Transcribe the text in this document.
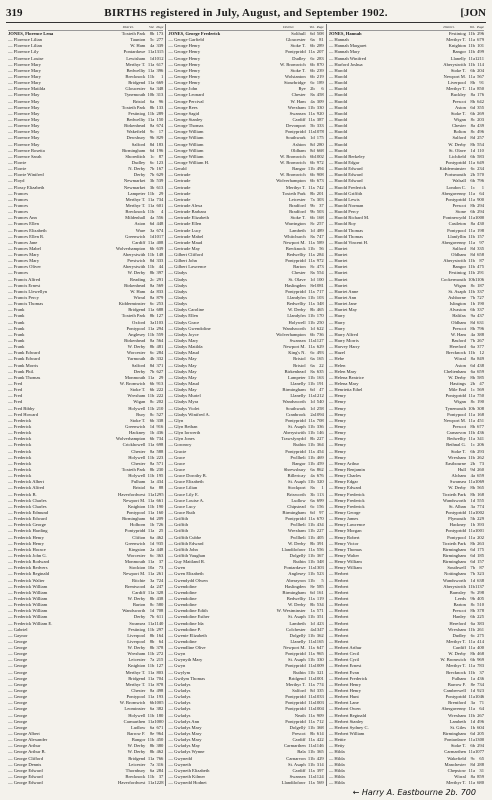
319	BIRTHS registered in July, August, and September 1902.	[JON
District.	Vol. Page
JONES, Florence Lena	Toxteth Park 8b 173
— Florence Lilian	Taunton	5c 277
— Florence Lilian	W. Ham	4a 339
— Florence Lily	Pontardawe 11a 1315
— Florence Louise	Lewisham 1d 1012
— Florence Mary	Merthyr T. 11a 617
— Florence Mary	Bedwellty 11a 396
— Florence Mary	Brecknock 11b	1
— Florence Mary	Bridgend 11a 669
— Florence Matilda	Gloucester	6a 348
— Florence May	Tynemouth 10b 313
— Florence May	Bristol	6a 96
— Florence May	Toxteth Park 8b 133
— Florence May	Festiniog 11b 289
— Florence May	Bedwellty 11a 150
— Florence May	Birkenhead	8a 674
— Florence May	Wakefield	9c 17
— Florence May	Dewsbury 9b 829
— Florence May	Salford 8d 183
— Florence Rosetta	Birmingham 6d 196
— Florence Sarah	Shoreditch	1c 87
— Florrie	Dudley	6c 123
— Florrie	N. Derby 7b 167
— Florrie Winifred	Derby 7b 629
— Floyd	Newmarket 3b 539
— Flossy Elizabeth	Newmarket 3b 613
— Frances	Lampeter 11b 29
— Frances	Merthyr T. 11a 734
— Frances	Merthyr T. 11a 601
— Frances	Brecknock 11b	4
— Frances Ann	Mildenhall	4a 556
— Frances Ellen	Aston 6d 448
— Frances Elizabeth	Ware	3a 674
— Frances Ellen R.	Greenwich 1d 1017
— Frances Jane	Cardiff 11a 408
— Frances Mabel	Wolverhampton 6b 639
— Frances Mary	Aberystwith 11b 148
— Frances Mary	Prestwich 8d 333
— Frances Oliver	Aberystwith 11b 44
— Frances	W. Derby 8b 397
— Francis Alfred	Reading	2c 291
— Francis Ernest	Birkenhead	8a 569
— Francis Llewellyn	W. Ham	4a 833
— Francis Percy	Wirral	8a 879
— Francis Thomas	Kidderminster	6c 253
— Frank	Bridgend 11a 688
— Frank	Toxteth Park 8b 127
— Frank	Oxford	3a 1103
— Frank	Pontypool 11a 294
— Frank	Anglesey 11b 559
— Frank	Birkenhead	8a 564
— Frank	W. Derby 8b 481
— Frank Edward	Worcester	6c 284
— Frank Edward	Yarmouth 4b 332
— Frank Morris	Salford 8d 371
— Frank Phil.	Derby 7b 627
— Frank Thomas	Monmouth 11a 29
— Fred	W. Bromwich 6b 913
— Fred	Stoke T. 6b 222
— Fred	Wrexham 11b 222
— Fred	Wigan	8c 202
— Fred Bibby	Holywell 11b 210
— Fred Howard	Bury	8c 527
— Frederick	Stoke T. 6b 338
— Frederick	Greenwich 1d 916
— Frederick	Hackney 1b 436
— Frederick	Wolverhampton 6b 734
— Frederick	Crickhowell 11a 698
— Frederick	Chester	8a 588
— Frederick	Holywell 11b 223
— Frederick	Chester	8a 571
— Frederick	Toxteth Park 8b 230
— Frederick	Holywell 11b 195
— Frederick Albert	Fulham	1a 434
— Frederick Alfred	Bristol	6a 88
— Frederick B.	Haverfordwest 11a 1295
— Frederick Charles	Newport M. 11a 661
— Frederick Charles	Knighton 11b 190
— Frederick Edmund	Pontypool 11a 160
— Frederick Edward	Birmingham 6d 209
— Frederick George	Holborn 1b 726
— Frederick Harding	Pontypridd 11a 25
— Frederick Henry	Clifton	6a 462
— Frederick Henry	Greenwich 1d 935
— Frederick Horace	Kingston	2a 448
— Frederick John G.	Worcester	6c 363
— Frederick Rodward	Monmouth 11a 37
— Frederick Redvers	Stockton 10a 73
— Frederick Reginald	Newport M. 11a 261
— Frederick Walter	Ritchie	3a 724
— Frederick William	Brentwood	4a 247
— Frederick William	Cardiff 11a 328
— Frederick William	W. Derby 8b 438
— Frederick William	Barton	8c 580
— Frederick William	Wandsworth 1d 708
— Frederick William	Derby 7b 611
— Frederick William E.	Swansea 11a 1140
— Gabriel	Festiniog 11b 297
— Gaynor	Liverpool 8b 164
— George	Liverpool 8b 64
— George	W. Derby 8b 378
— George	Wrexham 11b 272
— George	Leicester	7a 215
— George	Knighton 11b 127
— George	Merthyr T. 11a 803
— George	Bridgend 11a 704
— George	Merthyr T. 11a 878
— George	Chester	8a 498
— George	Pontypool 11a 193
— George	W. Bromwich 6b 1005
— George	Leominster	6a 382
— George	Holywell 11b 180
— George	Carmarthen 11a 1000
— George	Ludlow	6a 671
— George Albert	Barrow F.	8e 964
— George Alexander	Bangor 11b 450
— George Arthur	W. Derby 8b 380
— George Arthur B.	W. Derby 8b 462
— George Clifford	Bridgend 11a 766
— George Dennis	Leicester	7a 316
— George Edward	Thornbury	6a 284
— George Edward	Brecknock 11b 37
— George Edward	Haverfordwest 11a 1228
District.	Vol. Page
JONES, George Frederick	Solihull 6d 508
— George Garfield	Gloucester	6a 81
— George Henry	Stoke T. 6b 289
— George Henry	Pontypridd 11a 207
— George Henry	Dudley	6c 283
— George Henry	W. Bromwich 6b 870
— George Henry	Stoke T. 6b 239
— George Henry	Wolstanton 6b 219
— George Henry	Stourbridge	6c 189
— George John	Rye 2b	6
— George Leonard	Chester	8a 458
— George Percival	W. Ham	4a 309
— George Rees	Wrexham 11b 330
— George Sagid	Swansea 11a 920
— George Stanley	Cardiff 11a 387
— George Thomas	Devonport 5b 333
— George William	Pontypridd 11a 1078
— George William	Southwark 1d 175
— George William	Ashton 8d 280
— George William	Oldham 8d 668
— George William	W. Bromwich 6b 1002
— George William H.	W. Bromwich 6b 972
— Gerald	Bangor 11b 494
— Gertrude	W. Bromwich 6b 908
— Gertrude	Wolverhampton 6b 673
— Gertrude	Merthyr T. 11a 742
— Gertrude	Toxteth Park 8b 201
— Gertrude	Leicester	7a 303
— Gertrude Alexa	Bradford 9b 37
— Gertrude Barbara	Bradford 9b 503
— Gertrude Elizabeth	Stoke T. 6b 168
— Gertrude Ellen	Warrington	8c 257
— Gertrude Lucy	Lambeth 1d 489
— Gertrude Mabel	Whitchurch	8a 747
— Gertrude Maud	Newport M. 11a 589
— Gertrude May	Brecknock 11b 56
— Gilbert Clifford	Bedwellty 11a 284
— Gilbert John	Pontypridd 11a 972
— Gilbert Lawrence	Barton	8c 473
— Gladys	Chester	8a 554
— Gladys	St. Olave 1d 100
— Gladys	Haslingden	8e 1081
— Gladys	Pontypridd 11a 717
— Gladys	Llandyfrn 11b 103
— Gladys	Bedwellty 11a 348
— Gladys Caroline	W. Derby 8b 465
— Gladys Ellen	Llandyfrn 11b 170
— Gladys Grace	Holywell 11b 250
— Gladys Gwendoline	Wandsworth 1d 622
— Gladys Joyce	Wolverhampton 6b 736
— Gladys Mary	Swansea 11a 1127
— Gladys Matilda	Newport M. 11a 629
— Gladys Maud	King's N.	6c 493
— Gladys May	Bristol	6a 165
— Gladys May	Bristol	6a 22
— Gladys May	Birkenhead	8a 635
— Gladys May	Lampeter 11b 163
— Gladys Maud	Llanelly 11b 191
— Gladys May	Birmingham 6d 47
— Gladys Muriel	Llanelly 11a 1212
— Gladys Myra	Wandsworth 1d 540
— Gladys Violet	Southwark 1d 258
— Gladys Winifred A.	Cranbrook	2a 1094
— Glyn	Pontypridd 11a 708
— Glyn Bethan	St. Asaph 11b 336
— Glyn Iorwerth	Aberystwith 11b 146
— Glyn Jones	Trawsfynydd 8b 227
— Goronwy	Ruthin 11b 364
— Gracie	Pontypridd 11a 454
— Grace	Pwllheli 11b 469
— Grace	Bangor 11b 459
— Grace	Shrewsbury	6a 862
— Grace Dorothy B.	Billericay	4a 676
— Grace Elizabeth	St. Asaph 11b 320
— Grace Lilian	Stockport	8a	1
— Grace Lily E.	Brixworth 3b 113
— Grace Louise A.	Ludlow	6a 699
— Grace Lucy	Chipstead	6c 156
— Grace Ruth	Birmingham 6d 97
— Griffith	Pontypridd 11a 670
— Griffith	Pwllheli 11b 434
— Griffith	Wrexham 11b 227
— Griffith Cubbe	Pwllheli 11b 405
— Griffith Edward	W. Derby 8b 391
— Griffith John	Llandilofawr 11a 556
— Griffith Vaughan	Dolgellÿ 11b 367
— Guy Maitland R.	Ruthin 11b 348
— Gwen	Pontardawe 11a 1303
— Gwen Elizabeth	Anglesey 11b 523
— Gwendydd Olwen	Aberayron 11b	5
— Gwendoline	Haslingden	8e 585
— Gwendoline	Birmingham 6d 161
— Gwendoline	Bedwellty 11a 119
— Gwendoline	W. Derby 8b 534
— Gwendoline Edith	W. Westminster	1a 571
— Gwendoline Esther	St. Asaph 11b 351
— Gwendoline Ida	Lambeth 1d 423
— Gwendoline P.	Colchester	4a 1347
— Gwenie Elizabeth	Dolgellÿ 11b 362
— Gwendoline	Llanelly 11a 1165
— Gwendline Olive	Newport M. 11a 647
— Gwyn	Pontypridd 11a 965
— Gwynyth Mary	St. Asaph 11b 330
— Gwyn	Pontypridd 11a 1009
— Gwylym	Ruthin 11b 321
— Gwilym Thomas	Bridgend 11a 1001
— Gwladys	Merthyr T. 11a 774
— Gwladys	Salford 8d 335
— Gwladys	Pontypridd 11a 1033
— Gwladys	Pontypridd 11a 1003
— Gwladys	Pontypridd 11a 1004
— Gwladys	Neath 11a 909
— Gwladys Ann	Pontypridd 11a 712
— Gwladys Mary	Dolgellÿ 11b 368
— Gwladys Mary	Prescot 8b 614
— Gwladys Mary	Cardiff 11a 422
— Gwladys May	Carmarthen 11a 1146
— Gwladys Wynne	Bala 11b 365
— Gwynedd	Carnarvon 11b 429
— Gwyneth	St. Asaph 11b 314
— Gwyneth Elizabeth	Cardiff 11a 397
— Gwyneth Kilmer	Swansea 11a 1124
— Gwynedd Hodnet	Llandilofawr 11a 569
District.	Vol. Page
JONES, Hannah	Festiniog 11b 296
— Hannah	Merthyr T. 11a 679
— Hannah Margaret	Knighton 11b 101
— Hannah Mary	Bangor 11b 499
— Hannah Winifred	Llanelly 11a 1211
— Harford Joshua	Aberystwith 11b 114
— Harold	Stoke T. 6b 204
— Harold	Newport M. 11a 567
— Harold	Liverpool 8b 91
— Harold	Merthyr T. 11a 850
— Harold	Buckley	8a 176
— Harold	Prescot 8b 642
— Harold	Aston 6d 355
— Harold	Stoke T. 6b 269
— Harold	Wigan	8c 203
— Harold	Chester	8a 439
— Harold	Bolton	8c 496
— Harold	Salford 8d 257
— Harold	W. Derby 8b 554
— Harold	St. Olave 1d 110
— Harold Berkeley	Lichfield 6b 583
— Harold Edgar	Pontypridd 11a 649
— Harold Edward	Kidderminster	6c 234
— Harold Edward	Portsmouth 2b 570
— Harold Edward	Walsall 6b 796
— Harold Frederick	London C.	1c	1
— Harold Griffith	Abergavenny 11a 64
— Harold Lewis	Pontypridd 11a 900
— Harold Norman	Prescot 8b 294
— Harold Percy	Stone 6b 294
— Harold Richard M.	Pontnewydd 11a 1000
— Harold Roy	Castleton	8a 430
— Harold Thomas	Pontypool 11a 198
— Harold Thomas	Llanfyllin 11b 157
— Harold Vincent H.	Abergavenny 11a 97
— Harriet	Salford 8d 335
— Harriet	Oldham 8d 658
— Harriet	Aberystwith 11b 87
— Harriet	Bangor 11b 475
— Harriet	Festiniog 11b 291
— Harriet	Cockermouth 10b 1106
— Harriet	Wigan	8c 187
— Harriet Anne	St. Asaph 11b 337
— Harriet Ann	Ashborne 7b 727
— Harriet Jane	Islington 1b 190
— Harriet May	Alvaston 6b 337
— Harry	Halifax	9a 437
— Harry	Oldham 8d 631
— Harry	Prescot 8b 796
— Harry Alfred	W. Ham	4a 388
— Harry Morris	Basford 7b 267
— Harvey Harry	Hereford	6a 377
— Hazel	Brecknock 11b 12
— Hebe	Wirral	8a 849
— Helen	Aston 6d 438
— Helen Mary	Cheltenham	6a 659
— Helena Beatrice	W. Derby 8b 585
— Helena Mary	Hastings 2b 47
— Henrietta Ethel	Mile End	1c 569
— Henry	Pontypridd 11a 750
— Henry	Wigan	8c 190
— Henry	Tynemouth 10b 308
— Henry	Pontypool 11a 168
— Henry	Newport M. 11a 451
— Henry	Prescot 8b 677
— Henry	Carnarvon 11b 436
— Henry	Bedwellty 11a 341
— Henry	Bethnal G.	1c 206
— Henry	Stoke T. 6b 293
— Henry	Wrexham 11b 262
— Henry Arthur	Eastbourne 2b 73
— Henry Benjamin	Hull 9d 260
— Henry Charles	Alcham	4a 659
— Henry Edgar	Swansea 11a 1069
— Henry Edward	W. Derby 8b 565
— Henry Frederick	Toxteth Park 8b 168
— Henry Frederick	Wandsworth 1d 555
— Henry Frederick	St. Alban	3a 774
— Henry George	Pontypridd 11a 1002
— Henry James	Plymouth 5b 229
— Henry Lawrence	Hackney 1b 393
— Henry Morgan	Pontypridd 11a 1001
— Henry Robert	Pontypool 11a 202
— Henry Victor	Toxteth Park 8b 263
— Henry Thomas	Birmingham 6d 175
— Henry Walter	Birmingham 6d 185
— Henry William	Birmingham 6d 157
— Henry William	Southwell 7b 87
— Herbert	Nottingham 7b 323
— Herbert	Wandsworth 1d 638
— Herbert	Aberystwith 11b 1137
— Herbert	Barnsley	9c 298
— Herbert	Leeds 9b 405
— Herbert	Barton	8c 510
— Herbert	Prescot 8b 378
— Herbert	Hanley 6b 225
— Herbert	Hereford	6a 383
— Herbert	Wrexham 11b 261
— Herbert	Dudley	6c 275
— Herbert	Merthyr T. 11a 414
— Herbert Arthur	Cardiff 11a 400
— Herbert Cecil	W. Derby 8b 468
— Herbert Cyril	W. Bromwich 6b 969
— Herbert Ernest	Merthyr T. 11a 783
— Herbert Evan	Brecknock 11b 37
— Herbert Frederick	Fulham	1a 436
— Herbert Henry	Barrow F.	8e 734
— Herbert Henry	Camberwell 1d 923
— Herbert Hunt	Pontypridd 11a 1046
— Herbert Lane	Brentford	3a 71
— Herbert Owen	Abergavenny 11a 64
— Herbert Reginald	Wrexham 11b 267
— Herbert Stanley	Lambeth 1d 496
— Herbert Sydney C.	St. Giles 1b 604
— Herbert William	Birmingham 6d 205
— Hettie	Pontardawe 11a 1300
— Hetty	Stoke T. 6b 294
— Hilda	Carmarthen 11a 1077
— Hilda	Wakefield	9c 65
— Hilda	Manchester 8d 288
— Hilda	Chepstow 11a 31
— Hilda	Wirral	8a 859
— Hilda	Merthyr T. 11a 680
← Harry A. Eastbourne 2b. 700
